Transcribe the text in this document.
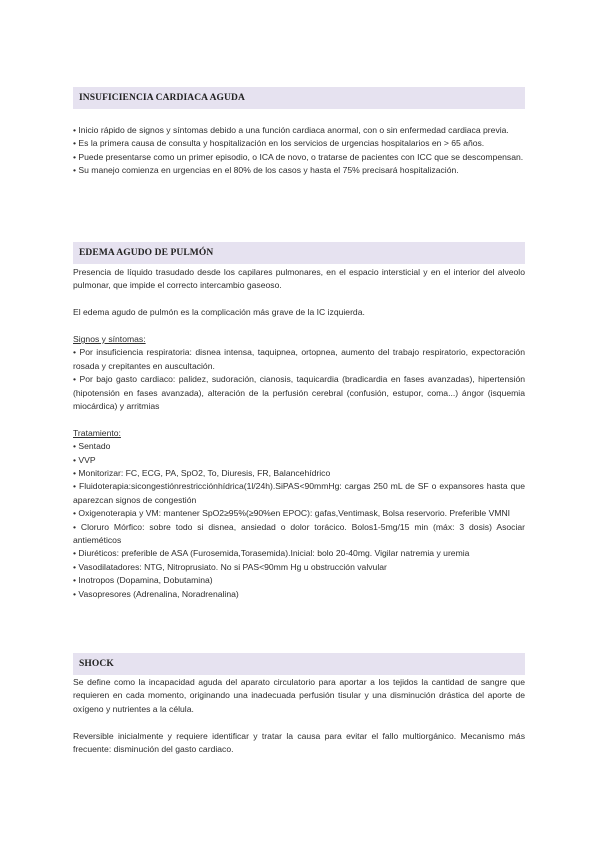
INSUFICIENCIA CARDIACA AGUDA

• Inicio rápido de signos y síntomas debido a una función cardiaca anormal, con o sin enfermedad cardiaca previa.

• Es la primera causa de consulta y hospitalización en los servicios de urgencias hospitalarios en > 65 años.

• Puede presentarse como un primer episodio, o ICA de novo, o tratarse de pacientes con ICC que se descompensan.

• Su manejo comienza en urgencias en el 80% de los casos y hasta el 75% precisará hospitalización.

EDEMA AGUDO DE PULMÓN

Presencia de líquido trasudado desde los capilares pulmonares, en el espacio intersticial y en el interior del alveolo pulmonar, que impide el correcto intercambio gaseoso.

El edema agudo de pulmón es la complicación más grave de la IC izquierda.

Signos y síntomas:

• Por insuficiencia respiratoria: disnea intensa, taquipnea, ortopnea, aumento del trabajo respiratorio, expectoración rosada y crepitantes en auscultación.

• Por bajo gasto cardiaco: palidez, sudoración, cianosis, taquicardia (bradicardia en fases avanzadas), hipertensión (hipotensión en fases avanzada), alteración de la perfusión cerebral (confusión, estupor, coma...) ángor (isquemia miocárdica) y arritmias

Tratamiento:

• Sentado

• VVP

• Monitorizar: FC, ECG, PA, SpO2, To, Diuresis, FR, Balancehídrico

• Fluidoterapia:sicongestiónrestricciónhídrica(1l/24h).SiPAS<90mmHg: cargas 250 mL de SF o expansores hasta que aparezcan signos de congestión

• Oxigenoterapia y VM: mantener SpO2≥95%(≥90%en EPOC): gafas,Ventimask, Bolsa reservorio. Preferible VMNI

• Cloruro Mórfico: sobre todo si disnea, ansiedad o dolor torácico. Bolos1-5mg/15 min (máx: 3 dosis) Asociar antieméticos

• Diuréticos: preferible de ASA (Furosemida,Torasemida).Inicial: bolo 20-40mg. Vigilar natremia y uremia

• Vasodilatadores: NTG, Nitroprusiato. No si PAS<90mm Hg u obstrucción valvular

• Inotropos (Dopamina, Dobutamina)

• Vasopresores (Adrenalina, Noradrenalina)

SHOCK

Se define como la incapacidad aguda del aparato circulatorio para aportar a los tejidos la cantidad de sangre que requieren en cada momento, originando una inadecuada perfusión tisular y una disminución drástica del aporte de oxígeno y nutrientes a la célula.

Reversible inicialmente y requiere identificar y tratar la causa para evitar el fallo multiorgánico. Mecanismo más frecuente: disminución del gasto cardiaco.
